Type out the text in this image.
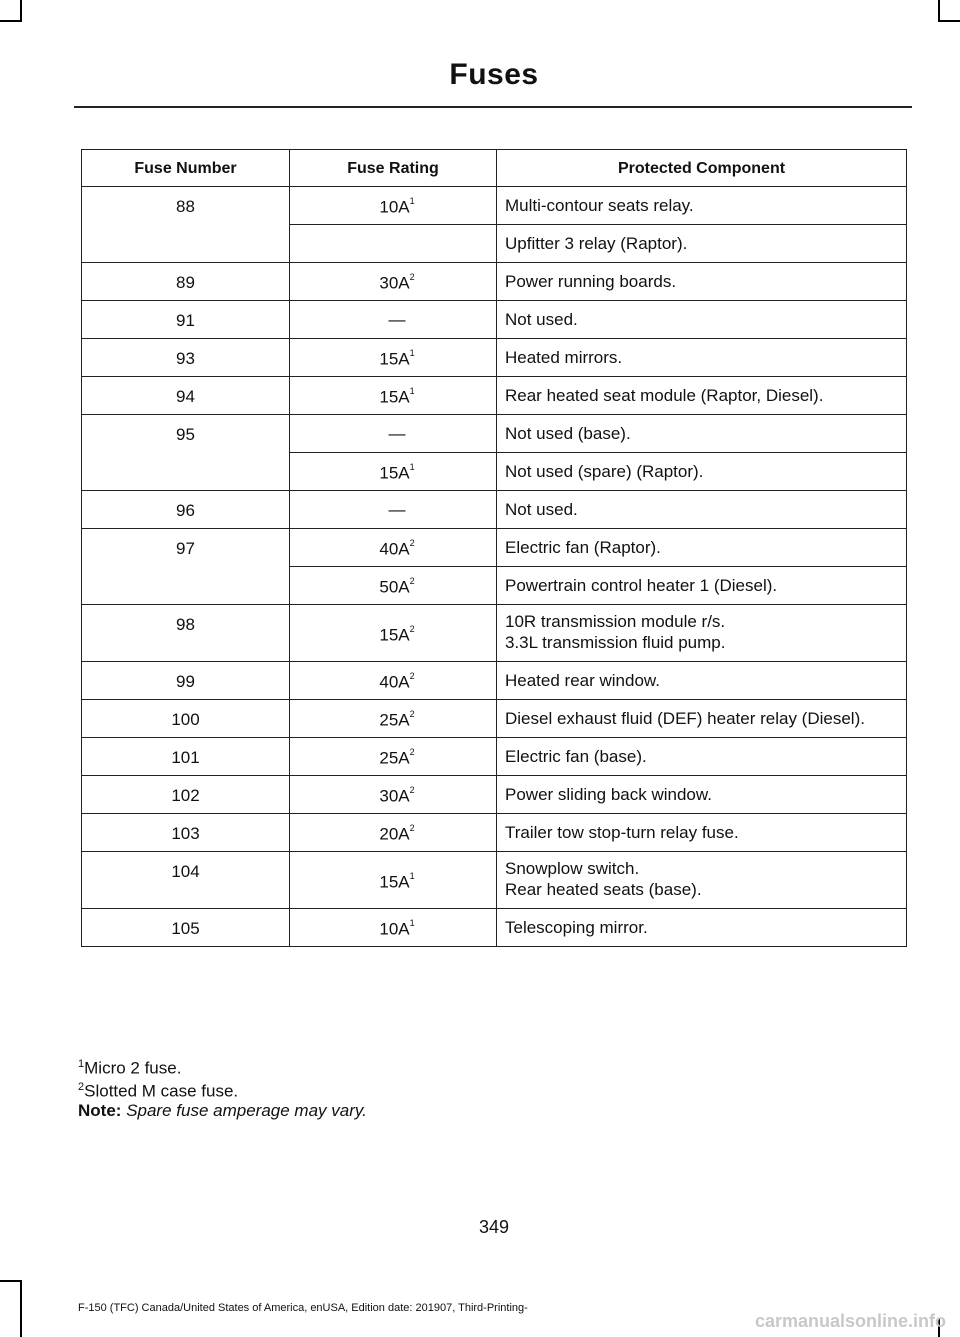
Fuses
Fuse Number	Fuse Rating	Protected Component
88	$10A^1$	Multi-contour seats relay.
		Upfitter 3 relay (Raptor).
89	$30A^2$	Power running boards.
91	—	Not used.
93	$15A^1$	Heated mirrors.
94	$15A^1$	Rear heated seat module (Raptor, Diesel).
95	—	Not used (base).
	$15A^1$	Not used (spare) (Raptor).
96	—	Not used.
97	$40A^2$	Electric fan (Raptor).
	$50A^2$	Powertrain control heater 1 (Diesel).
98	$15A^2$	10R transmission module r/s.
3.3L transmission fluid pump.
99	$40A^2$	Heated rear window.
100	$25A^2$	Diesel exhaust fluid (DEF) heater relay (Diesel).
101	$25A^2$	Electric fan (base).
102	$30A^2$	Power sliding back window.
103	$20A^2$	Trailer tow stop-turn relay fuse.
104	$15A^1$	Snowplow switch.
Rear heated seats (base).
105	$10A^1$	Telescoping mirror.
$^1$Micro 2 fuse.
$^2$Slotted M case fuse.
Note: Spare fuse amperage may vary.
349
F-150 (TFC) Canada/United States of America, enUSA, Edition date: 201907, Third-Printing-
carmanualsonline.info
